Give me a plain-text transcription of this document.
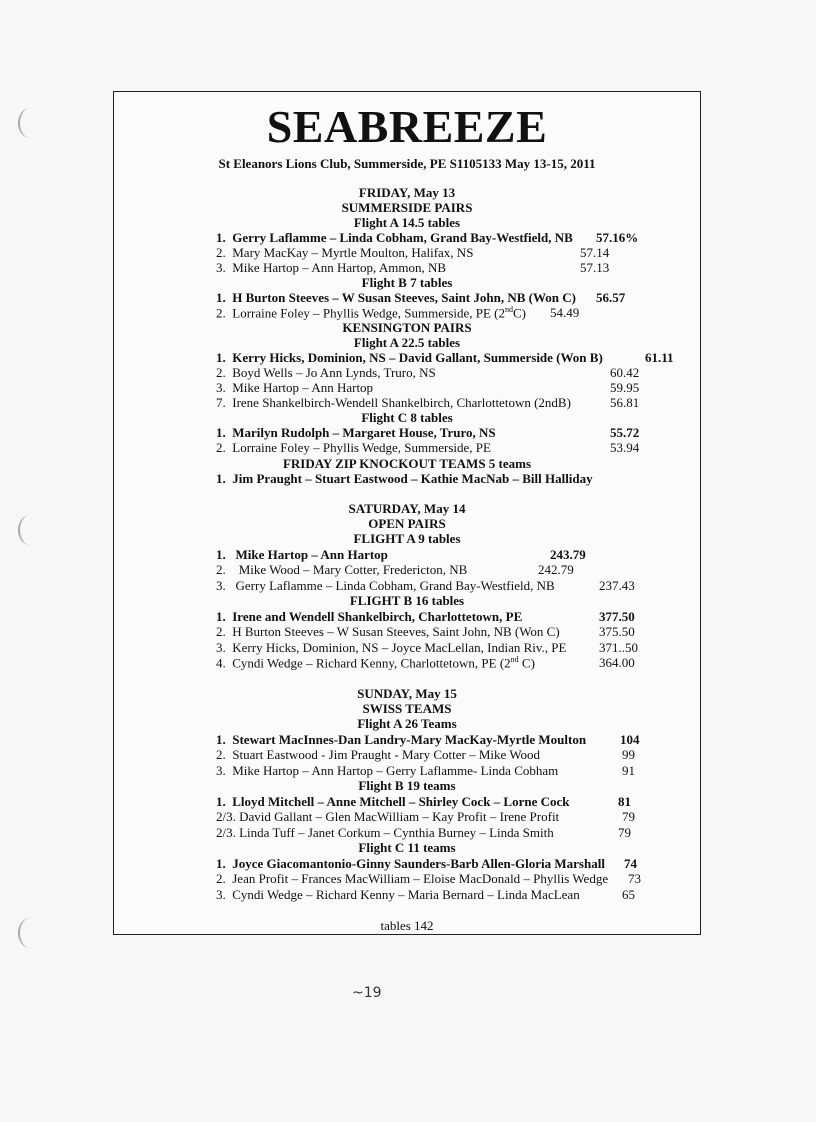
SEABREEZE
St Eleanors Lions Club, Summerside, PE S1105133 May 13-15, 2011
FRIDAY, May 13
SUMMERSIDE PAIRS
Flight A 14.5 tables
1.  Gerry Laflamme – Linda Cobham, Grand Bay-Westfield, NB 57.16%
2.  Mary MacKay – Myrtle Moulton, Halifax, NS	57.14
3.  Mike Hartop – Ann Hartop, Ammon, NB	57.13
Flight B 7 tables
1.  H Burton Steeves – W Susan Steeves, Saint John, NB (Won C) 56.57
2.  Lorraine Foley – Phyllis Wedge, Summerside, PE (2ndC) 54.49
KENSINGTON PAIRS
Flight A 22.5 tables
1.  Kerry Hicks, Dominion, NS – David Gallant, Summerside (Won B)	61.11
2.  Boyd Wells – Jo Ann Lynds, Truro, NS	60.42
3.  Mike Hartop – Ann Hartop	59.95
7.  Irene Shankelbirch-Wendell Shankelbirch, Charlottetown (2ndB)	56.81
Flight C 8 tables
1.  Marilyn Rudolph – Margaret House, Truro, NS	55.72
2.  Lorraine Foley – Phyllis Wedge, Summerside, PE	53.94
FRIDAY ZIP KNOCKOUT TEAMS 5 teams
1.  Jim Praught – Stuart Eastwood – Kathie MacNab – Bill Halliday
SATURDAY, May 14
OPEN PAIRS
FLIGHT A 9 tables
1.   Mike Hartop – Ann Hartop	243.79
2.    Mike Wood – Mary Cotter, Fredericton, NB	242.79
3.   Gerry Laflamme – Linda Cobham, Grand Bay-Westfield, NB	237.43
FLIGHT B 16 tables
1.  Irene and Wendell Shankelbirch, Charlottetown, PE	377.50
2.  H Burton Steeves – W Susan Steeves, Saint John, NB (Won C)	375.50
3.  Kerry Hicks, Dominion, NS – Joyce MacLellan, Indian Riv., PE	371..50
4.  Cyndi Wedge – Richard Kenny, Charlottetown, PE (2nd C)	364.00
SUNDAY, May 15
SWISS TEAMS
Flight A 26 Teams
1.  Stewart MacInnes-Dan Landry-Mary MacKay-Myrtle Moulton	104
2.  Stuart Eastwood - Jim Praught - Mary Cotter – Mike Wood	99
3.  Mike Hartop – Ann Hartop – Gerry Laflamme- Linda Cobham	91
Flight B 19 teams
1.  Lloyd Mitchell – Anne Mitchell – Shirley Cock – Lorne Cock	81
2/3. David Gallant – Glen MacWilliam – Kay Profit – Irene Profit	79
2/3. Linda Tuff – Janet Corkum – Cynthia Burney – Linda Smith	79
Flight C 11 teams
1.  Joyce Giacomantonio-Ginny Saunders-Barb Allen-Gloria Marshall 74
2.  Jean Profit – Frances MacWilliam – Eloise MacDonald – Phyllis Wedge 73
3.  Cyndi Wedge – Richard Kenny – Maria Bernard – Linda MacLean	65
tables 142
~19
